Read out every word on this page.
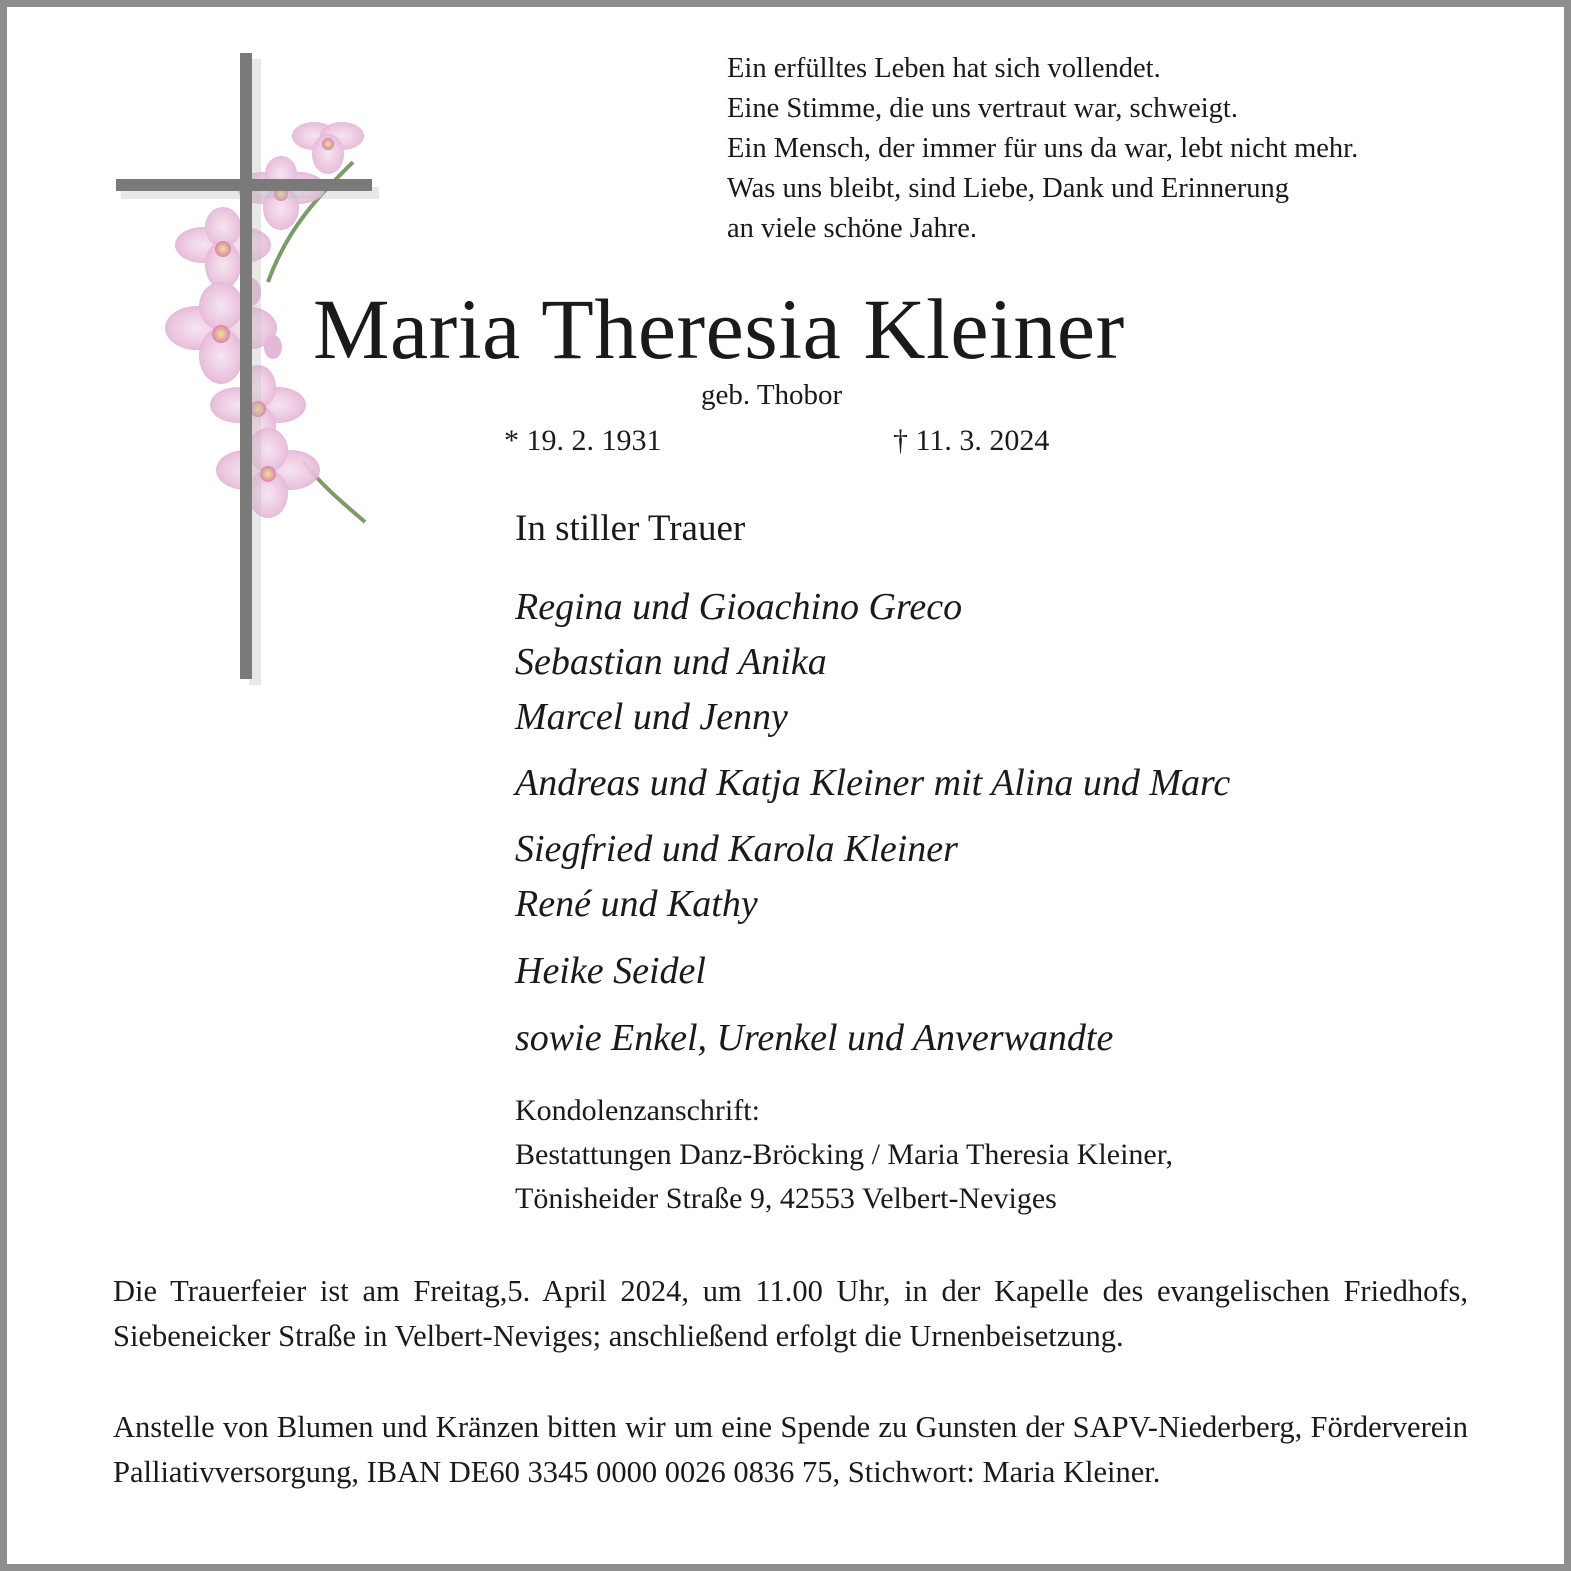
Ein erfülltes Leben hat sich vollendet.
Eine Stimme, die uns vertraut war, schweigt.
Ein Mensch, der immer für uns da war, lebt nicht mehr.
Was uns bleibt, sind Liebe, Dank und Erinnerung
an viele schöne Jahre.
Maria Theresia Kleiner
geb. Thobor
* 19. 2. 1931	† 11. 3. 2024
In stiller Trauer
Regina und Gioachino Greco
Sebastian und Anika
Marcel und Jenny
Andreas und Katja Kleiner mit Alina und Marc
Siegfried und Karola Kleiner
René und Kathy
Heike Seidel
sowie Enkel, Urenkel und Anverwandte
Kondolenzanschrift:
Bestattungen Danz-Bröcking / Maria Theresia Kleiner,
Tönisheider Straße 9, 42553 Velbert-Neviges

Die Trauerfeier ist am Freitag,5. April 2024, um 11.00 Uhr, in der Kapelle des evangelischen Friedhofs, Siebeneicker Straße in Velbert-Neviges; anschließend erfolgt die Urnenbeisetzung.

Anstelle von Blumen und Kränzen bitten wir um eine Spende zu Gunsten der SAPV-Niederberg, Förderverein Palliativversorgung, IBAN DE60 3345 0000 0026 0836 75, Stichwort: Maria Kleiner.
